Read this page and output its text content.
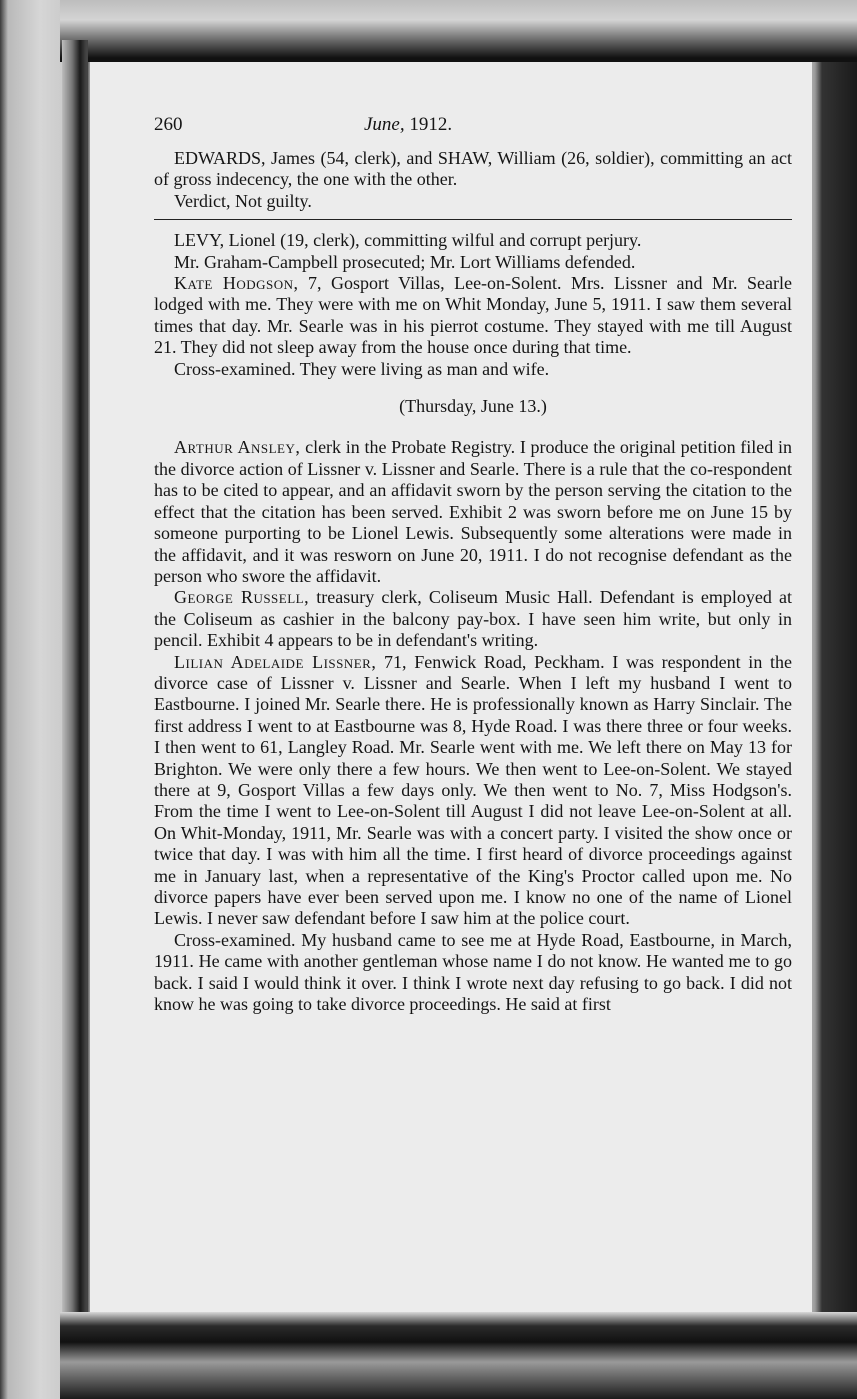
260	June, 1912.

EDWARDS, James (54, clerk), and SHAW, William (26, soldier), committing an act of gross indecency, the one with the other.

Verdict, Not guilty.

LEVY, Lionel (19, clerk), committing wilful and corrupt perjury.

Mr. Graham-Campbell prosecuted; Mr. Lort Williams defended.

Kate Hodgson, 7, Gosport Villas, Lee-on-Solent. Mrs. Lissner and Mr. Searle lodged with me. They were with me on Whit Monday, June 5, 1911. I saw them several times that day. Mr. Searle was in his pierrot costume. They stayed with me till August 21. They did not sleep away from the house once during that time.

Cross-examined. They were living as man and wife.

(Thursday, June 13.)

Arthur Ansley, clerk in the Probate Registry. I produce the original petition filed in the divorce action of Lissner v. Lissner and Searle. There is a rule that the co-respondent has to be cited to appear, and an affidavit sworn by the person serving the citation to the effect that the citation has been served. Exhibit 2 was sworn before me on June 15 by someone purporting to be Lionel Lewis. Subsequently some alterations were made in the affidavit, and it was resworn on June 20, 1911. I do not recognise defendant as the person who swore the affidavit.

George Russell, treasury clerk, Coliseum Music Hall. Defendant is employed at the Coliseum as cashier in the balcony pay-box. I have seen him write, but only in pencil. Exhibit 4 appears to be in defendant's writing.

Lilian Adelaide Lissner, 71, Fenwick Road, Peckham. I was respondent in the divorce case of Lissner v. Lissner and Searle. When I left my husband I went to Eastbourne. I joined Mr. Searle there. He is professionally known as Harry Sinclair. The first address I went to at Eastbourne was 8, Hyde Road. I was there three or four weeks. I then went to 61, Langley Road. Mr. Searle went with me. We left there on May 13 for Brighton. We were only there a few hours. We then went to Lee-on-Solent. We stayed there at 9, Gosport Villas a few days only. We then went to No. 7, Miss Hodgson's. From the time I went to Lee-on-Solent till August I did not leave Lee-on-Solent at all. On Whit-Monday, 1911, Mr. Searle was with a concert party. I visited the show once or twice that day. I was with him all the time. I first heard of divorce proceedings against me in January last, when a representative of the King's Proctor called upon me. No divorce papers have ever been served upon me. I know no one of the name of Lionel Lewis. I never saw defendant before I saw him at the police court.

Cross-examined. My husband came to see me at Hyde Road, Eastbourne, in March, 1911. He came with another gentleman whose name I do not know. He wanted me to go back. I said I would think it over. I think I wrote next day refusing to go back. I did not know he was going to take divorce proceedings. He said at first
